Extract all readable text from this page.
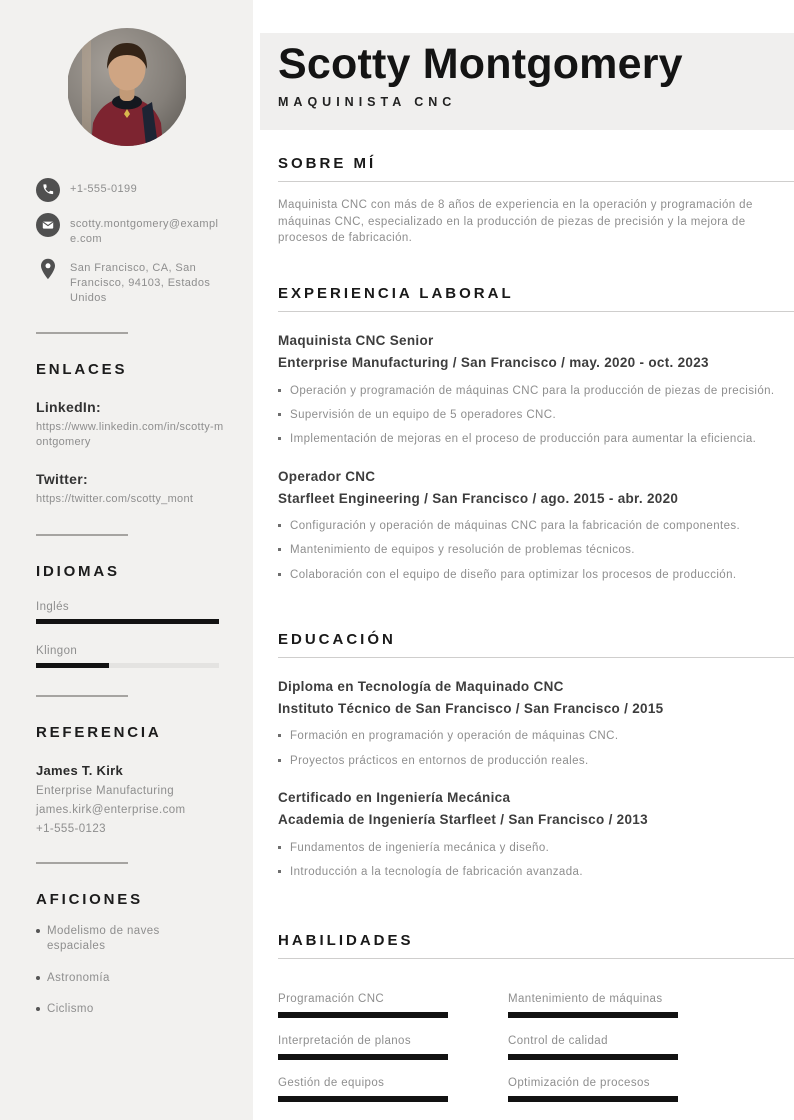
+1-555-0199
scotty.montgomery@example.com
San Francisco, CA, San Francisco, 94103, Estados Unidos
ENLACES
LinkedIn:
https://www.linkedin.com/in/scotty-montgomery
Twitter:
https://twitter.com/scotty_mont
IDIOMAS
Inglés
Klingon
REFERENCIA
James T. Kirk
Enterprise Manufacturing
james.kirk@enterprise.com
+1-555-0123
AFICIONES
Modelismo de naves espaciales
Astronomía
Ciclismo
Scotty Montgomery
MAQUINISTA CNC
SOBRE MÍ

Maquinista CNC con más de 8 años de experiencia en la operación y programación de máquinas CNC, especializado en la producción de piezas de precisión y la mejora de procesos de fabricación.

EXPERIENCIA LABORAL
Maquinista CNC Senior
Enterprise Manufacturing / San Francisco / may. 2020 - oct. 2023
Operación y programación de máquinas CNC para la producción de piezas de precisión.
Supervisión de un equipo de 5 operadores CNC.
Implementación de mejoras en el proceso de producción para aumentar la eficiencia.
Operador CNC
Starfleet Engineering / San Francisco / ago. 2015 - abr. 2020
Configuración y operación de máquinas CNC para la fabricación de componentes.
Mantenimiento de equipos y resolución de problemas técnicos.
Colaboración con el equipo de diseño para optimizar los procesos de producción.
EDUCACIÓN
Diploma en Tecnología de Maquinado CNC
Instituto Técnico de San Francisco / San Francisco / 2015
Formación en programación y operación de máquinas CNC.
Proyectos prácticos en entornos de producción reales.
Certificado en Ingeniería Mecánica
Academia de Ingeniería Starfleet / San Francisco / 2013
Fundamentos de ingeniería mecánica y diseño.
Introducción a la tecnología de fabricación avanzada.
HABILIDADES
Programación CNC	Mantenimiento de máquinas
Interpretación de planos	Control de calidad
Gestión de equipos	Optimización de procesos
